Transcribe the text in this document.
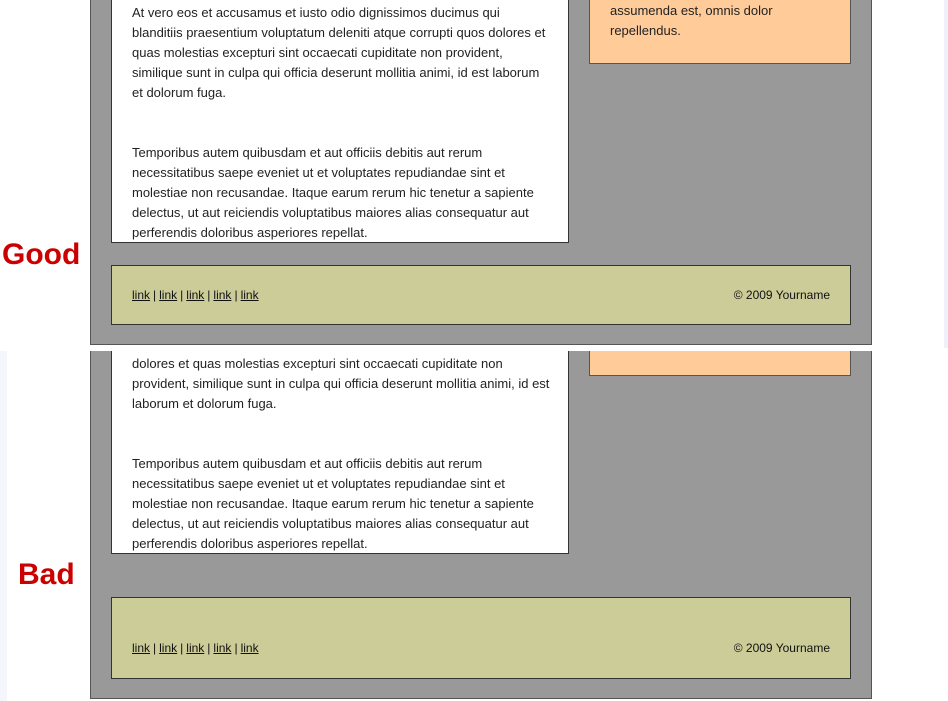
At vero eos et accusamus et iusto odio dignissimos ducimus qui blanditiis praesentium voluptatum deleniti atque corrupti quos dolores et quas molestias excepturi sint occaecati cupiditate non provident, similique sunt in culpa qui officia deserunt mollitia animi, id est laborum et dolorum fuga.

Temporibus autem quibusdam et aut officiis debitis aut rerum necessitatibus saepe eveniet ut et voluptates repudiandae sint et molestiae non recusandae. Itaque earum rerum hic tenetur a sapiente delectus, ut aut reiciendis voluptatibus maiores alias consequatur aut perferendis doloribus asperiores repellat.

assumenda est, omnis dolor repellendus.

link | link | link | link | link	© 2009 Yourname

dolores et quas molestias excepturi sint occaecati cupiditate non provident, similique sunt in culpa qui officia deserunt mollitia animi, id est laborum et dolorum fuga.

Temporibus autem quibusdam et aut officiis debitis aut rerum necessitatibus saepe eveniet ut et voluptates repudiandae sint et molestiae non recusandae. Itaque earum rerum hic tenetur a sapiente delectus, ut aut reiciendis voluptatibus maiores alias consequatur aut perferendis doloribus asperiores repellat.

link | link | link | link | link	© 2009 Yourname
Good
Bad
